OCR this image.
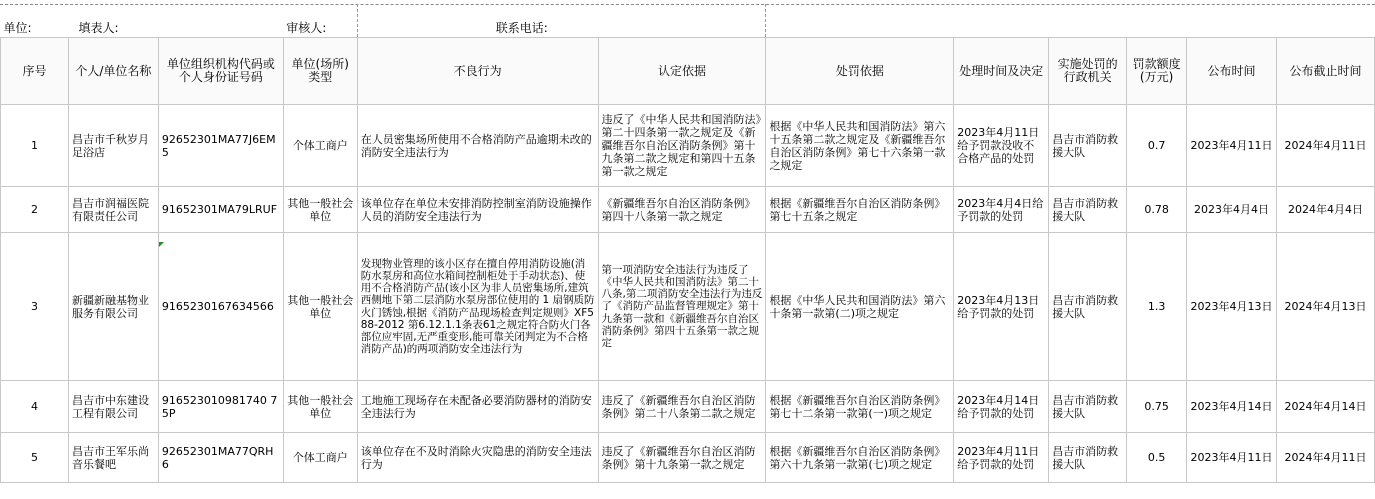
单位:	填表人:		审核人:	联系电话:							
序号	个人/单位名称	单位组织机构代码或个人身份证号码	单位(场所)类型	不良行为	认定依据	处罚依据	处理时间及决定	实施处罚的行政机关	罚款额度(万元)	公布时间	公布截止时间
1	昌吉市千秋岁月足浴店	92652301MA77J6EM5	个体工商户	在人员密集场所使用不合格消防产品逾期未改的消防安全违法行为	违反了《中华人民共和国消防法》第二十四条第一款之规定及《新疆维吾尔自治区消防条例》第十九条第二款之规定和第四十五条第一款之规定	根据《中华人民共和国消防法》第六十五条第二款之规定及《新疆维吾尔自治区消防条例》第七十六条第一款之规定	2023年4月11日给予罚款没收不合格产品的处罚	昌吉市消防救援大队	0.7	2023年4月11日	2024年4月11日
2	昌吉市润福医院有限责任公司	91652301MA79LRUF	其他一般社会单位	该单位存在单位未安排消防控制室消防设施操作人员的消防安全违法行为	《新疆维吾尔自治区消防条例》第四十八条第一款之规定	根据《新疆维吾尔自治区消防条例》第七十五条之规定	2023年4月4日给予罚款的处罚	昌吉市消防救援大队	0.78	2023年4月4日	2024年4月4日
3	新疆新融基物业服务有限公司	9165230167634566	其他一般社会单位	发现物业管理的该小区存在擅自停用消防设施(消防水泵房和高位水箱间控制柜处于手动状态)、使用不合格消防产品(该小区为非人员密集场所,建筑西侧地下第二层消防水泵房部位使用的 1 扇钢质防火门锈蚀,根据《消防产品现场检查判定规则》XF588-2012 第6.12.1.1条表61之规定符合防火门各部位应牢固,无严重变形,能可靠关闭判定为不合格消防产品)的两项消防安全违法行为	第一项消防安全违法行为违反了《中华人民共和国消防法》第二十八条,第二项消防安全违法行为违反了《消防产品监督管理规定》第十九条第一款和《新疆维吾尔自治区消防条例》第四十五条第一款之规定	根据《中华人民共和国消防法》第六十条第一款第(二)项之规定	2023年4月13日给予罚款的处罚	昌吉市消防救援大队	1.3	2023年4月13日	2024年4月13日
4	昌吉市中东建设工程有限公司	916523010981740 75P	其他一般社会单位	工地施工现场存在未配备必要消防器材的消防安全违法行为	违反了《新疆维吾尔自治区消防条例》第二十八条第二款之规定	根据《新疆维吾尔自治区消防条例》第七十二条第一款第(一)项之规定	2023年4月14日给予罚款的处罚	昌吉市消防救援大队	0.75	2023年4月14日	2024年4月14日
5	昌吉市王军乐尚音乐餐吧	92652301MA77QRH6	个体工商户	该单位存在不及时消除火灾隐患的消防安全违法行为	违反了《新疆维吾尔自治区消防条例》第十九条第一款之规定	根据《新疆维吾尔自治区消防条例》第六十九条第一款第(七)项之规定	2023年4月11日给予罚款的处罚	昌吉市消防救援大队	0.5	2023年4月11日	2024年4月11日
